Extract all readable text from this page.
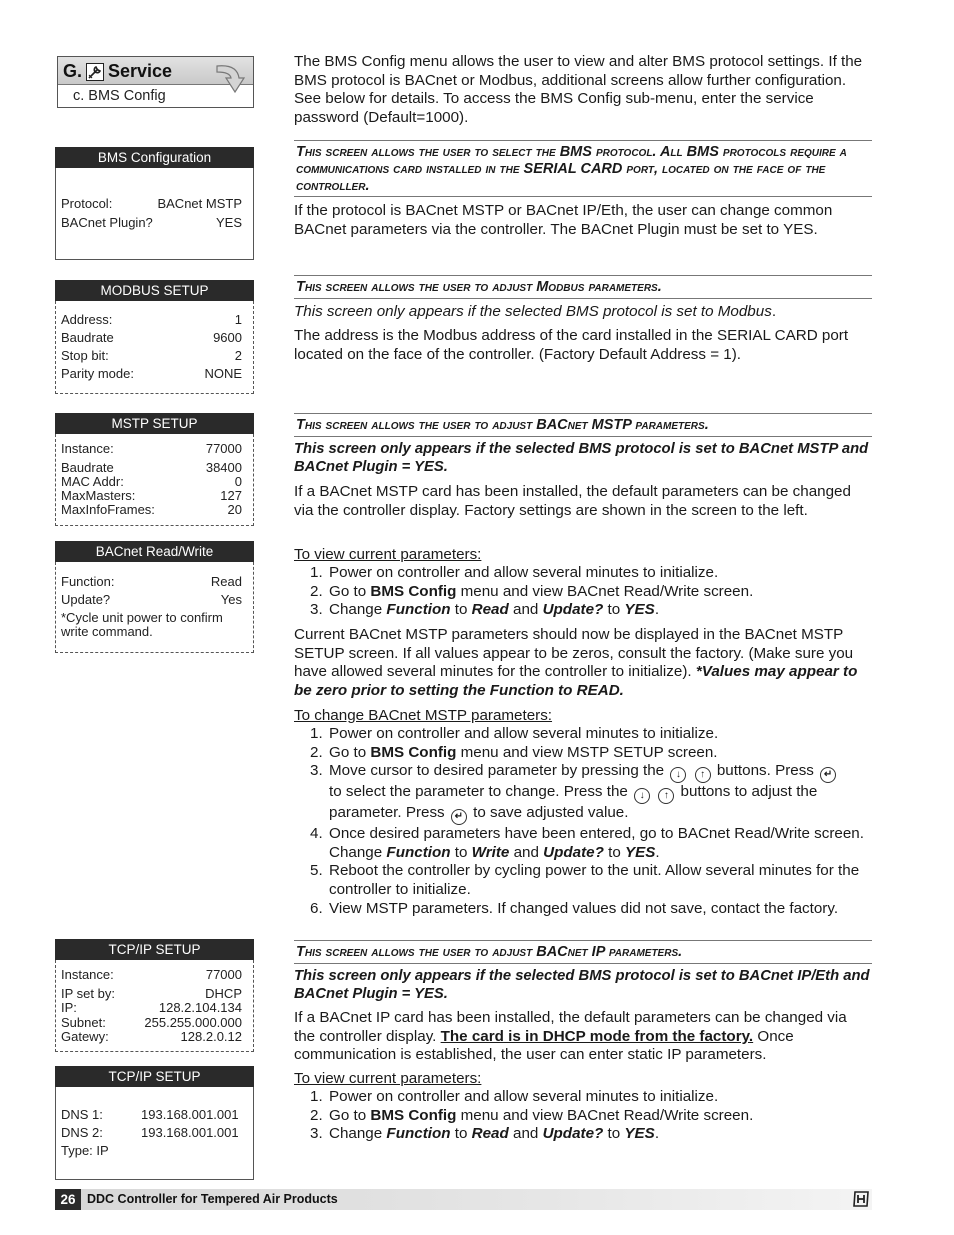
G. Service
c. BMS Config
The BMS Config menu allows the user to view and alter BMS protocol settings. If the BMS protocol is BACnet or Modbus, additional screens allow further configuration. See below for details. To access the BMS Config sub-menu, enter the service password (Default=1000).
BMS Configuration
Protocol:	BACnet MSTP
BACnet Plugin?	YES
This screen allows the user to select the BMS protocol. All BMS protocols require a communications card installed in the SERIAL CARD port, located on the face of the controller.
If the protocol is BACnet MSTP or BACnet IP/Eth, the user can change common BACnet parameters via the controller. The BACnet Plugin must be set to YES.
MODBUS SETUP
Address:	1
Baudrate	9600
Stop bit:	2
Parity mode:	NONE
This screen allows the user to adjust Modbus parameters.
This screen only appears if the selected BMS protocol is set to Modbus.
The address is the Modbus address of the card installed in the SERIAL CARD port located on the face of the controller. (Factory Default Address = 1).
MSTP SETUP
Instance:	77000
Baudrate	38400
MAC Addr:	0
MaxMasters:	127
MaxInfoFrames:	20
BACnet Read/Write
Function:	Read
Update?	Yes
*Cycle unit power to confirm write command.
This screen allows the user to adjust BACnet MSTP parameters.
This screen only appears if the selected BMS protocol is set to BACnet MSTP and BACnet Plugin = YES.
If a BACnet MSTP card has been installed, the default parameters can be changed via the controller display. Factory settings are shown in the screen to the left.
To view current parameters:
1. Power on controller and allow several minutes to initialize.
2. Go to BMS Config menu and view BACnet Read/Write screen.
3. Change Function to Read and Update? to YES.
Current BACnet MSTP parameters should now be displayed in the BACnet MSTP SETUP screen. If all values appear to be zeros, consult the factory. (Make sure you have allowed several minutes for the controller to initialize). *Values may appear to be zero prior to setting the Function to READ.
To change BACnet MSTP parameters:
1. Power on controller and allow several minutes to initialize.
2. Go to BMS Config menu and view MSTP SETUP screen.
3. Move cursor to desired parameter by pressing the ↓ ↑ buttons. Press ↵
to select the parameter to change. Press the ↓ ↑ buttons to adjust the parameter. Press ↵ to save adjusted value.
4. Once desired parameters have been entered, go to BACnet Read/Write screen. Change Function to Write and Update? to YES.
5. Reboot the controller by cycling power to the unit. Allow several minutes for the controller to initialize.
6. View MSTP parameters. If changed values did not save, contact the factory.
TCP/IP SETUP
Instance:	77000
IP set by:	DHCP
IP:	128.2.104.134
Subnet:	255.255.000.000
Gatewy:	128.2.0.12
TCP/IP SETUP
DNS 1:	193.168.001.001
DNS 2:	193.168.001.001
Type: IP
This screen allows the user to adjust BACnet IP parameters.
This screen only appears if the selected BMS protocol is set to BACnet IP/Eth and BACnet Plugin = YES.
If a BACnet IP card has been installed, the default parameters can be changed via the controller display. The card is in DHCP mode from the factory. Once communication is established, the user can enter static IP parameters.
To view current parameters:
1. Power on controller and allow several minutes to initialize.
2. Go to BMS Config menu and view BACnet Read/Write screen.
3. Change Function to Read and Update? to YES.
26 DDC Controller for Tempered Air Products
